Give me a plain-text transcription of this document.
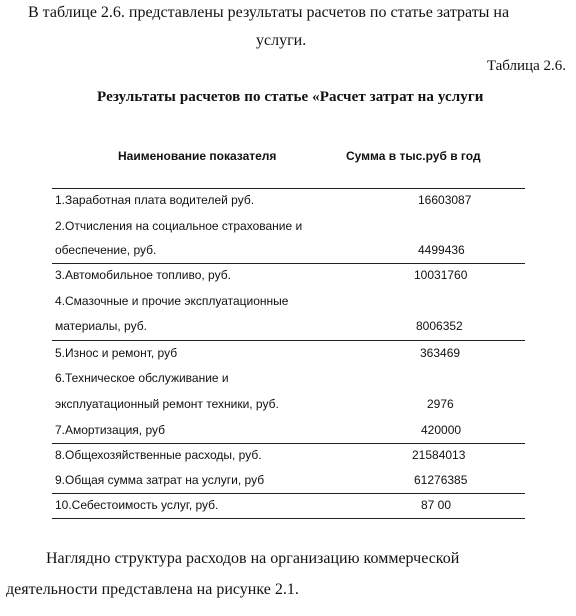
В таблице 2.6. представлены результаты расчетов по статье затраты на
услуги.
Таблица 2.6.
Результаты расчетов по статье «Расчет затрат на услуги
Наименование показателя	Сумма в тыс.руб в год
1.Заработная плата водителей руб.	16603087
2.Отчисления на социальное страхование и
обеспечение, руб.	4499436
3.Автомобильное топливо, руб.	10031760
4.Смазочные и прочие эксплуатационные
материалы, руб.	8006352
5.Износ и ремонт, руб	363469
6.Техническое обслуживание и
эксплуатационный ремонт техники, руб.	2976
7.Амортизация, руб	420000
8.Общехозяйственные расходы, руб.	21584013
9.Общая сумма затрат на услуги, руб	61276385
10.Себестоимость услуг, руб.	87 00
Наглядно структура расходов на организацию коммерческой
деятельности представлена на рисунке 2.1.
